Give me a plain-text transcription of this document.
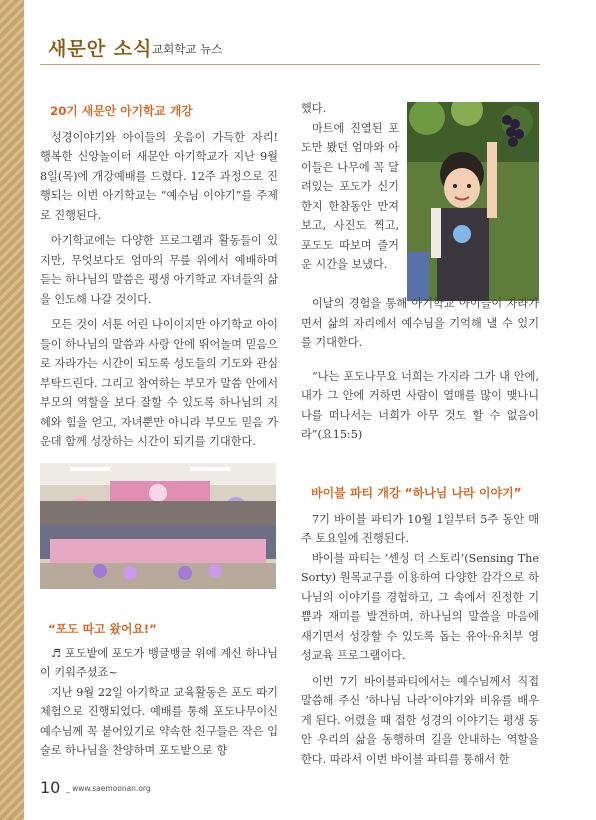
새문안 소식 교회학교 뉴스
20기 새문안 아기학교 개강

성경이야기와 아이들의 웃음이 가득한 자리! 행복한 신앙놀이터 새문안 아기학교가 지난 9월 8일(목)에 개강예배를 드렸다. 12주 과정으로 진행되는 이번 아기학교는 “예수님 이야기”를 주제로 진행된다.

아기학교에는 다양한 프로그램과 활동들이 있지만, 무엇보다도 엄마의 무릎 위에서 예배하며 듣는 하나님의 말씀은 평생 아기학교 자녀들의 삶을 인도해 나갈 것이다.

모든 것이 서툰 어린 나이이지만 아기학교 아이들이 하나님의 말씀과 사랑 안에 뛰어놀며 믿음으로 자라가는 시간이 되도록 성도들의 기도와 관심 부탁드린다. 그리고 참여하는 부모가 말씀 안에서 부모의 역할을 보다 잘할 수 있도록 하나님의 지혜와 힘을 얻고, 자녀뿐만 아니라 부모도 믿음 가운데 함께 성장하는 시간이 되기를 기대한다.

“포도 따고 왔어요!”

♬ 포도밭에 포도가 뱅글뱅글 위에 계신 하나님이 키워주셨죠~

지난 9월 22일 아기학교 교육활동은 포도 따기 체험으로 진행되었다. 예배를 통해 포도나무이신 예수님께 꼭 붙어있기로 약속한 친구들은 작은 입술로 하나님을 찬양하며 포도밭으로 향

했다.

마트에 진열된 포도만 봤던 엄마와 아이들은 나무에 꼭 달려있는 포도가 신기한지 한참동안 만져보고, 사진도 찍고, 포도도 따보며 즐거운 시간을 보냈다.

이날의 경험을 통해 아기학교 아이들이 자라가면서 삶의 자리에서 예수님을 기억해 낼 수 있기를 기대한다.

“나는 포도나무요 너희는 가지라 그가 내 안에, 내가 그 안에 거하면 사람이 열매를 많이 맺나니 나를 떠나서는 너희가 아무 것도 할 수 없음이라”(요15:5)

바이블 파티 개강 “하나님 나라 이야기”

7기 바이블 파티가 10월 1일부터 5주 동안 매주 토요일에 진행된다.

바이블 파티는 ‘센싱 더 스토리’(Sensing The Sorty) 원목교구를 이용하여 다양한 감각으로 하나님의 이야기를 경험하고, 그 속에서 진정한 기쁨과 재미를 발견하며, 하나님의 말씀을 마음에 새기면서 성장할 수 있도록 돕는 유아·유치부 영성교육 프로그램이다.

이번 7기 바이블파티에서는 예수님께서 직접 말씀해 주신 ‘하나님 나라’이야기와 비유를 배우게 된다. 어렸을 때 접한 성경의 이야기는 평생 동안 우리의 삶을 동행하며 길을 안내하는 역할을 한다. 따라서 이번 바이블 파티를 통해서 한

10 _ www.saemoonan.org
